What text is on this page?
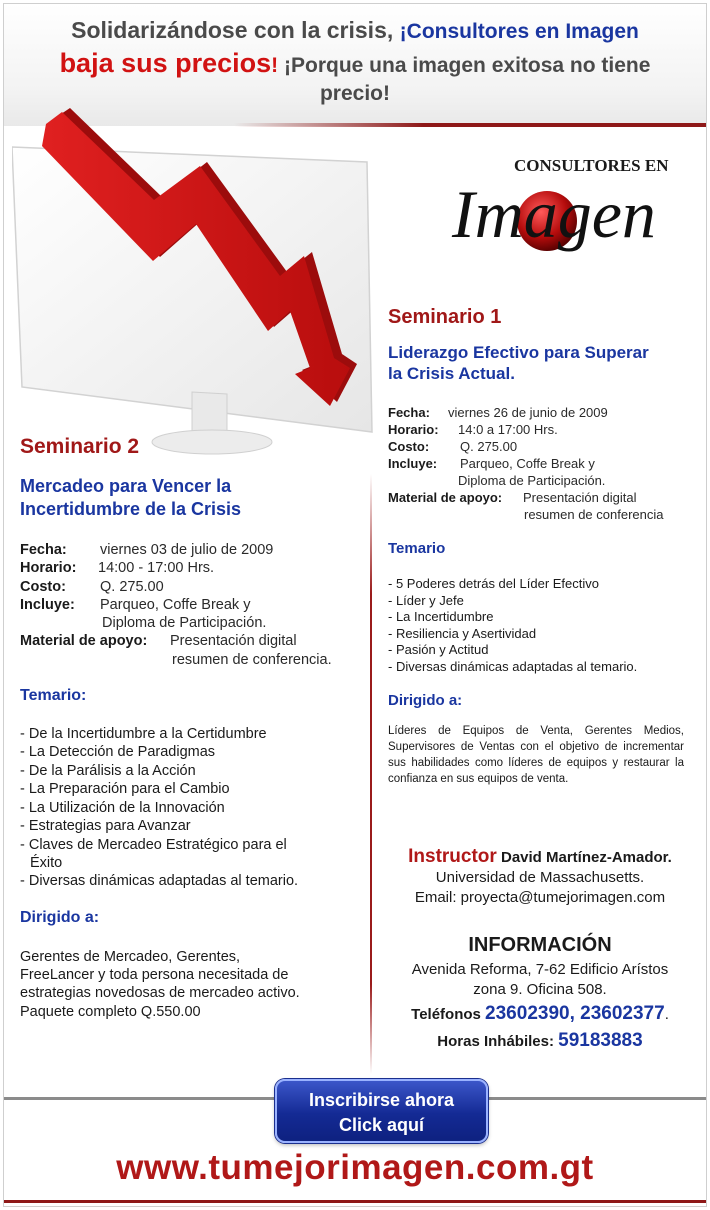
Solidarizándose con la crisis, ¡Consultores en Imagen
baja sus precios! ¡Porque una imagen exitosa no tiene
precio!
CONSULTORES EN
Imagen
Seminario 1
Liderazgo Efectivo para Superar
la Crisis Actual.
Fecha: viernes 26 de junio de 2009
Horario: 14:0 a 17:00 Hrs.
Costo: Q. 275.00
Incluye: Parqueo, Coffe Break y
Diploma de Participación.
Material de apoyo: Presentación digital
resumen de conferencia
Temario
- 5 Poderes detrás del Líder Efectivo
- Líder y Jefe
- La Incertidumbre
- Resiliencia y Asertividad
- Pasión y Actitud
- Diversas dinámicas adaptadas al temario.
Dirigido a:
Líderes de Equipos de Venta, Gerentes Medios, Supervisores de Ventas con el objetivo de incrementar sus habilidades como líderes de equipos y restaurar la confianza en sus equipos de venta.
Instructor David Martínez-Amador.
Universidad de Massachusetts.
Email: proyecta@tumejorimagen.com
INFORMACIÓN
Avenida Reforma, 7-62 Edificio Arístos
zona 9. Oficina 508.
Teléfonos 23602390, 23602377.
Horas Inhábiles: 59183883
Seminario 2
Mercadeo para Vencer la
Incertidumbre de la Crisis
Fecha: viernes 03 de julio de 2009
Horario: 14:00 - 17:00 Hrs.
Costo: Q. 275.00
Incluye: Parqueo, Coffe Break y
Diploma de Participación.
Material de apoyo: Presentación digital
resumen de conferencia.
Temario:
- De la Incertidumbre a la Certidumbre
- La Detección de Paradigmas
- De la Parálisis a la Acción
- La Preparación para el Cambio
- La Utilización de la Innovación
- Estrategias para Avanzar
- Claves de Mercadeo Estratégico para el
Éxito
- Diversas dinámicas adaptadas al temario.
Dirigido a:
Gerentes de Mercadeo, Gerentes,
FreeLancer y toda persona necesitada de
estrategias novedosas de mercadeo activo.
Paquete completo Q.550.00
Inscribirse ahora
Click aquí
www.tumejorimagen.com.gt
